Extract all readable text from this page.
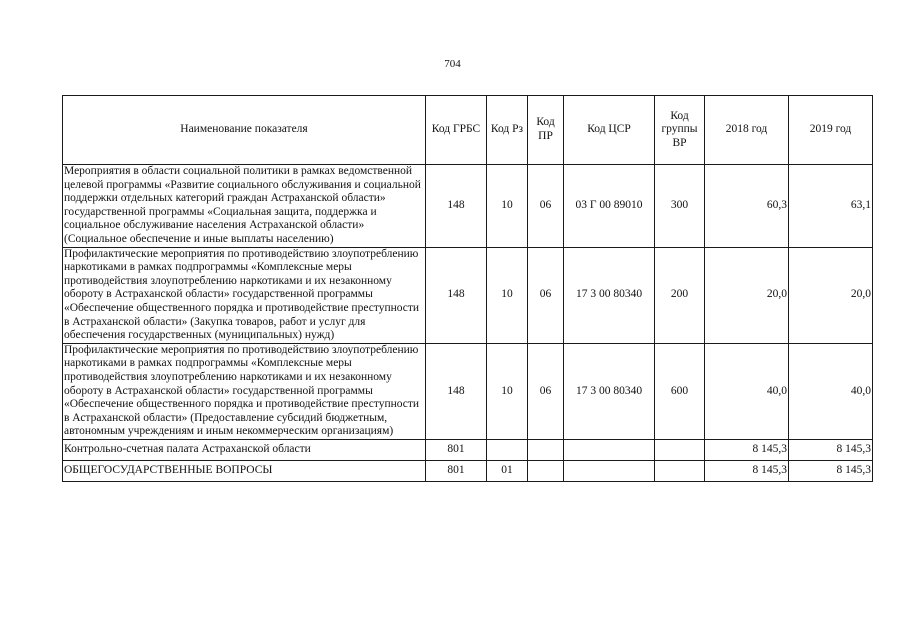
704
Наименование показателя	Код ГРБС	Код Рз	Код ПР	Код ЦСР	Код группы ВР	2018 год	2019 год
Мероприятия в области социальной политики в рамках ведомственной целевой программы «Развитие социального обслуживания и социальной поддержки отдельных категорий граждан Астраханской области» государственной программы «Социальная защита, поддержка и социальное обслуживание населения Астраханской области» (Социальное обеспечение и иные выплаты населению)	148	10	06	03 Г 00 89010	300	60,3	63,1
Профилактические мероприятия по противодействию злоупотреблению наркотиками в рамках подпрограммы «Комплексные меры противодействия злоупотреблению наркотиками и их незаконному обороту в Астраханской области» государственной программы «Обеспечение общественного порядка и противодействие преступности в Астраханской области» (Закупка товаров, работ и услуг для обеспечения государственных (муниципальных) нужд)	148	10	06	17 3 00 80340	200	20,0	20,0
Профилактические мероприятия по противодействию злоупотреблению наркотиками в рамках подпрограммы «Комплексные меры противодействия злоупотреблению наркотиками и их незаконному обороту в Астраханской области» государственной программы «Обеспечение общественного порядка и противодействие преступности в Астраханской области» (Предоставление субсидий бюджетным, автономным учреждениям и иным некоммерческим организациям)	148	10	06	17 3 00 80340	600	40,0	40,0
Контрольно-счетная палата Астраханской области	801					8 145,3	8 145,3
ОБЩЕГОСУДАРСТВЕННЫЕ ВОПРОСЫ	801	01				8 145,3	8 145,3
